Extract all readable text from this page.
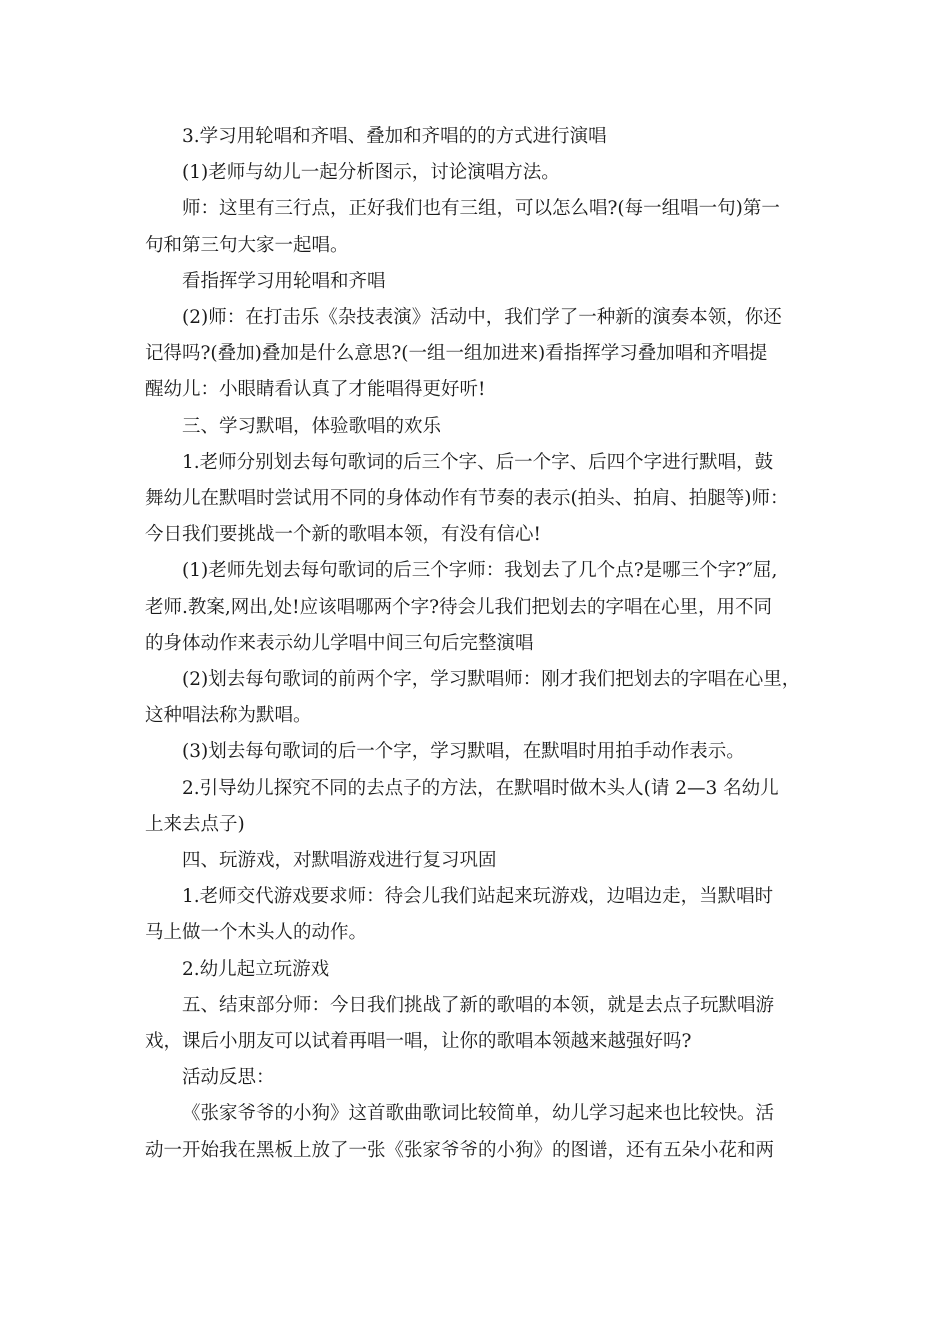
3.学习用轮唱和齐唱、叠加和齐唱的的方式进行演唱

(1)老师与幼儿一起分析图示，讨论演唱方法。

师：这里有三行点，正好我们也有三组，可以怎么唱?(每一组唱一句)第一
句和第三句大家一起唱。

看指挥学习用轮唱和齐唱

(2)师：在打击乐《杂技表演》活动中，我们学了一种新的演奏本领，你还
记得吗?(叠加)叠加是什么意思?(一组一组加进来)看指挥学习叠加唱和齐唱提
醒幼儿：小眼睛看认真了才能唱得更好听!

三、学习默唱，体验歌唱的欢乐

1.老师分别划去每句歌词的后三个字、后一个字、后四个字进行默唱，鼓
舞幼儿在默唱时尝试用不同的身体动作有节奏的表示(拍头、拍肩、拍腿等)师：
今日我们要挑战一个新的歌唱本领，有没有信心!

(1)老师先划去每句歌词的后三个字师：我划去了几个点?是哪三个字?″屈,
老师.教案,网出,处!应该唱哪两个字?待会儿我们把划去的字唱在心里，用不同
的身体动作来表示幼儿学唱中间三句后完整演唱

(2)划去每句歌词的前两个字，学习默唱师：刚才我们把划去的字唱在心里，
这种唱法称为默唱。

(3)划去每句歌词的后一个字，学习默唱，在默唱时用拍手动作表示。

2.引导幼儿探究不同的去点子的方法，在默唱时做木头人(请 2—3 名幼儿
上来去点子)

四、玩游戏，对默唱游戏进行复习巩固

1.老师交代游戏要求师：待会儿我们站起来玩游戏，边唱边走，当默唱时
马上做一个木头人的动作。

2.幼儿起立玩游戏

五、结束部分师：今日我们挑战了新的歌唱的本领，就是去点子玩默唱游
戏，课后小朋友可以试着再唱一唱，让你的歌唱本领越来越强好吗?

活动反思：

《张家爷爷的小狗》这首歌曲歌词比较简单，幼儿学习起来也比较快。活
动一开始我在黑板上放了一张《张家爷爷的小狗》的图谱，还有五朵小花和两
